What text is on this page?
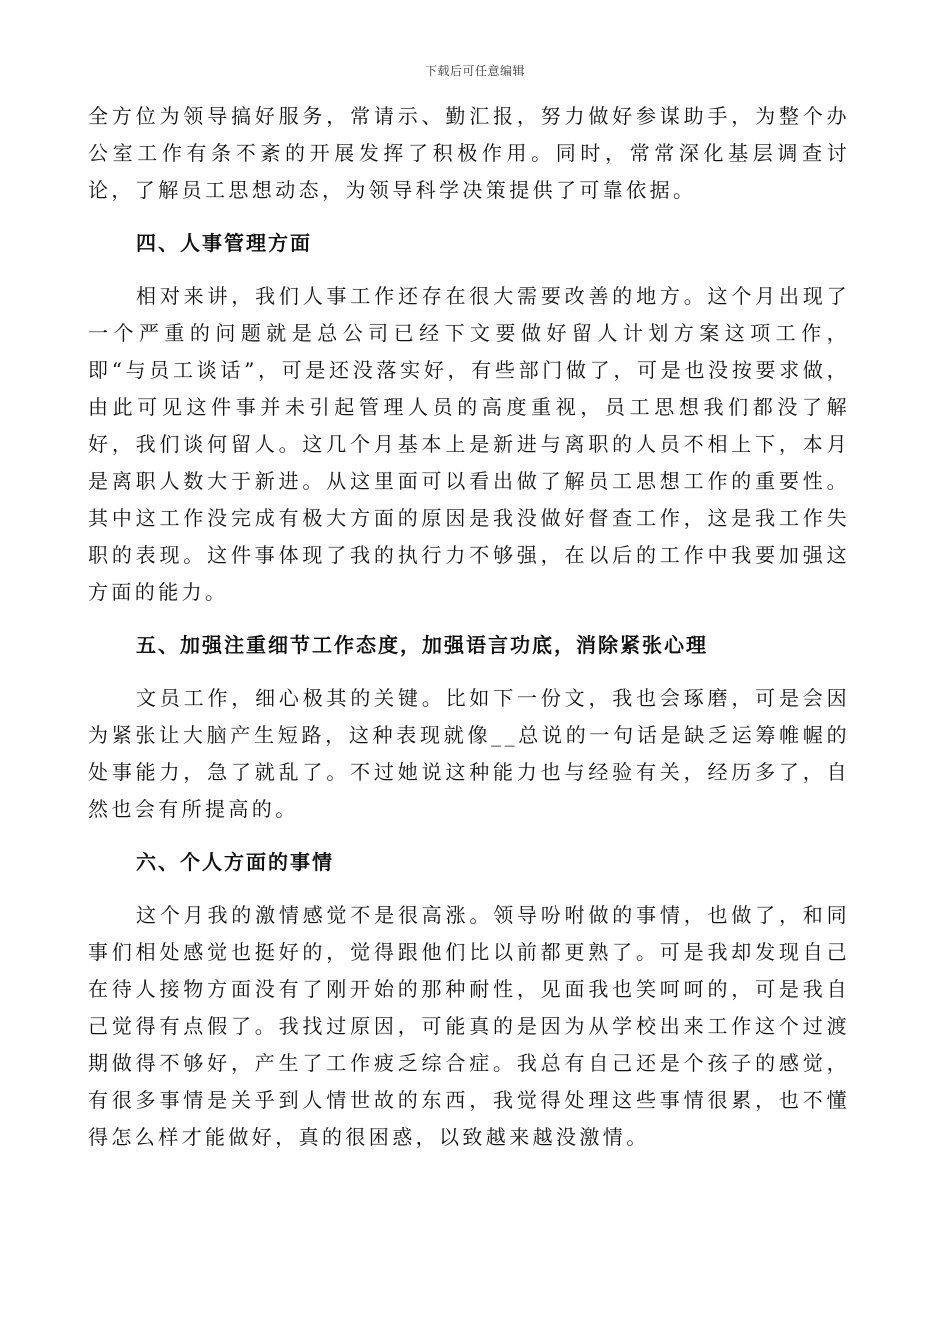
下载后可任意编辑

全方位为领导搞好服务，常请示、勤汇报，努力做好参谋助手，为整个办公室工作有条不紊的开展发挥了积极作用。同时，常常深化基层调查讨论，了解员工思想动态，为领导科学决策提供了可靠依据。

四、人事管理方面

相对来讲，我们人事工作还存在很大需要改善的地方。这个月出现了一个严重的问题就是总公司已经下文要做好留人计划方案这项工作，即“与员工谈话”，可是还没落实好，有些部门做了，可是也没按要求做，由此可见这件事并未引起管理人员的高度重视，员工思想我们都没了解好，我们谈何留人。这几个月基本上是新进与离职的人员不相上下，本月是离职人数大于新进。从这里面可以看出做了解员工思想工作的重要性。其中这工作没完成有极大方面的原因是我没做好督查工作，这是我工作失职的表现。这件事体现了我的执行力不够强，在以后的工作中我要加强这方面的能力。

五、加强注重细节工作态度，加强语言功底，消除紧张心理

文员工作，细心极其的关键。比如下一份文，我也会琢磨，可是会因为紧张让大脑产生短路，这种表现就像__总说的一句话是缺乏运筹帷幄的处事能力，急了就乱了。不过她说这种能力也与经验有关，经历多了，自然也会有所提高的。

六、个人方面的事情

这个月我的激情感觉不是很高涨。领导吩咐做的事情，也做了，和同事们相处感觉也挺好的，觉得跟他们比以前都更熟了。可是我却发现自己在待人接物方面没有了刚开始的那种耐性，见面我也笑呵呵的，可是我自己觉得有点假了。我找过原因，可能真的是因为从学校出来工作这个过渡期做得不够好，产生了工作疲乏综合症。我总有自己还是个孩子的感觉，有很多事情是关乎到人情世故的东西，我觉得处理这些事情很累，也不懂得怎么样才能做好，真的很困惑，以致越来越没激情。
